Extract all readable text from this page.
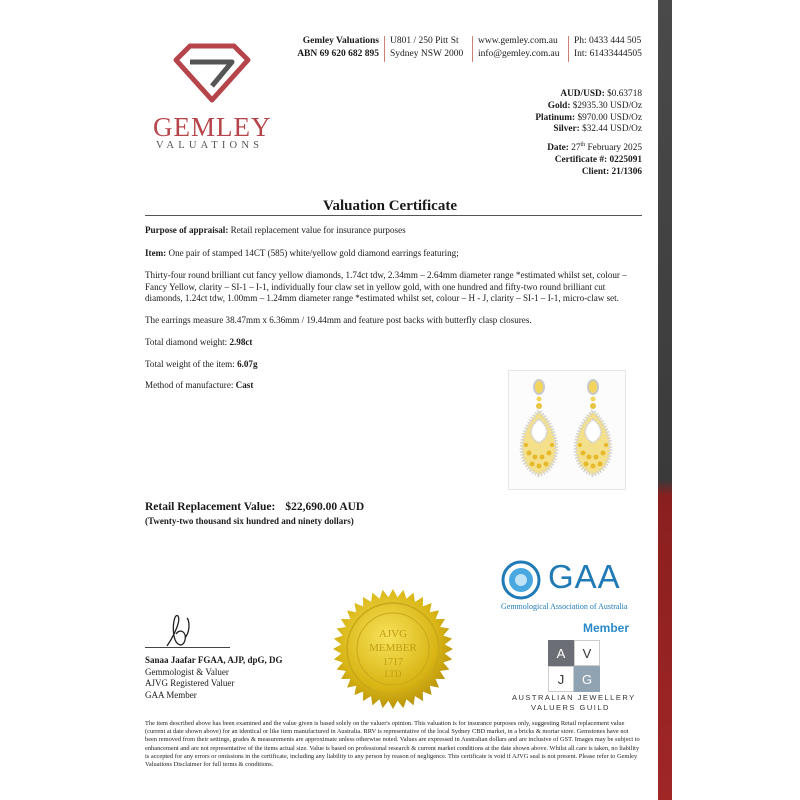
GEMLEY
VALUATIONS
Gemley Valuations
ABN 69 620 682 895
U801 / 250 Pitt St
Sydney NSW 2000
www.gemley.com.au
info@gemley.com.au
Ph: 0433 444 505
Int: 61433444505
AUD/USD: $0.63718
Gold: $2935.30 USD/Oz
Platinum: $970.00 USD/Oz
Silver: $32.44 USD/Oz
Date: 27th February 2025
Certificate #: 0225091
Client: 21/1306
Valuation Certificate
Purpose of appraisal: Retail replacement value for insurance purposes
Item: One pair of stamped 14CT (585) white/yellow gold diamond earrings featuring;
Thirty-four round brilliant cut fancy yellow diamonds, 1.74ct tdw, 2.34mm – 2.64mm diameter range *estimated whilst set, colour – Fancy Yellow, clarity – SI-1 – I-1, individually four claw set in yellow gold, with one hundred and fifty-two round brilliant cut diamonds, 1.24ct tdw, 1.00mm – 1.24mm diameter range *estimated whilst set, colour – H - J, clarity – SI-1 – I-1, micro-claw set.
The earrings measure 38.47mm x 6.36mm / 19.44mm and feature post backs with butterfly clasp closures.
Total diamond weight: 2.98ct
Total weight of the item: 6.07g
Method of manufacture: Cast
Retail Replacement Value: $22,690.00 AUD
(Twenty-two thousand six hundred and ninety dollars)
AJVG
MEMBER
1717
LTD
Sanaa Jaafar FGAA, AJP, dpG, DG
Gemmologist & Valuer
AJVG Registered Valuer
GAA Member
GAA
Gemmological Association of Australia
Member
A	V
J	G
AUSTRALIAN JEWELLERY
VALUERS GUILD
The item described above has been examined and the value given is based solely on the valuer's opinion. This valuation is for insurance purposes only, suggesting Retail replacement value (current at date shown above) for an identical or like item manufactured in Australia. RRV is representative of the local Sydney CBD market, in a bricks & mortar store. Gemstones have not been removed from their settings, grades & measurements are approximate unless otherwise noted. Values are expressed in Australian dollars and are inclusive of GST. Images may be subject to enhancement and are not representative of the items actual size. Value is based on professional research & current market conditions at the date shown above. Whilst all care is taken, no liability is accepted for any errors or omissions in the certificate, including any liability to any person by reason of negligence. This certificate is void if AJVG seal is not present. Please refer to Gemley Valuations Disclaimer for full terms & conditions.
